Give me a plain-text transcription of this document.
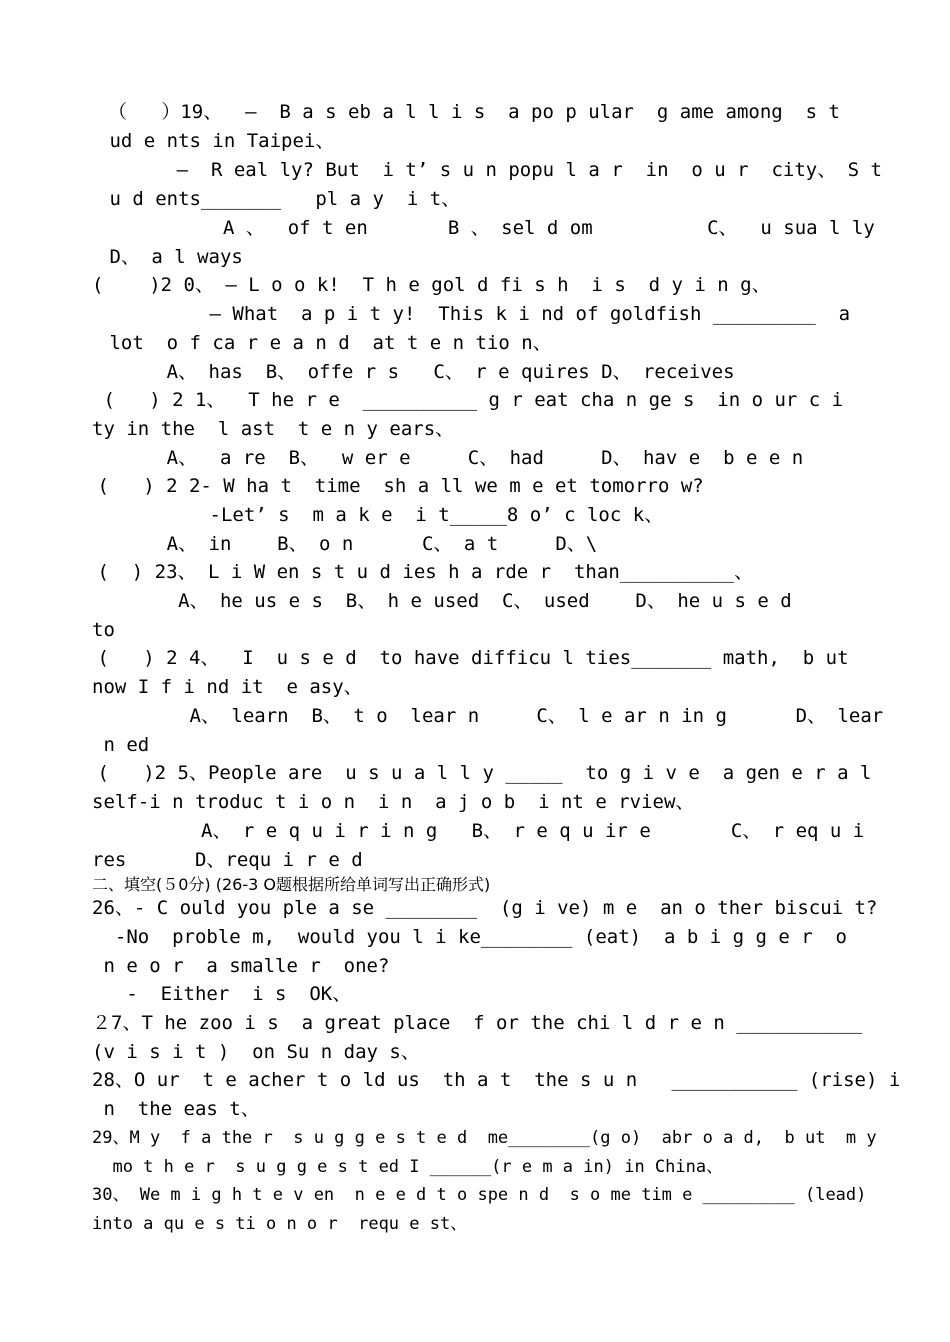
（   ）19、  —  B a s eb a l l i s  a po p ular  g ame among  s t
ud e nts in Taipei、
—  R eal ly? But  i t’ s u n popu l a r  in  o u r  city、 S t
u d ents_______   pl a y  i t、
A 、  of t en       B 、 sel d om          C、  u sua l ly
D、 a l ways
(    )2 0、 — L o o k!  T h e gol d fi s h  i s  d y i n g、
— What  a p i t y!  This k i nd of goldfish _________  a
lot  o f ca r e a n d  at t e n tio n、
A、 has  B、 offe r s   C、 r e quires D、 receives
(   ) 2 1、  T he r e  __________ g r eat cha n ge s  in o ur c i
ty in the  l ast  t e n y ears、
A、  a re  B、  w er e     C、 had     D、 hav e  b e e n
(   ) 2 2- W ha t  time  sh a ll we m e et tomorro w?
-Let’ s  m a k e  i t_____8 o’ c loc k、
A、 in    B、 o n      C、 a t     D、\
(  ) 23、 L i W en s t u d ies h a rde r  than__________、
A、 he us e s  B、 h e used  C、 used    D、 he u s e d
to
(   ) 2 4、  I  u s e d  to have difficu l ties_______ math,  b ut
now I f i nd it  e asy、
A、 learn  B、 t o  lear n     C、 l e ar n in g      D、 lear
n ed
(   )2 5、People are  u s u a l l y _____  to g i v e  a gen e r a l
self-i n troduc t i o n  i n  a j o b  i nt e rview、
A、 r e q u i r i n g   B、 r e q u ir e       C、 r eq u i
res      D、requ i r e d
二、填空(５0分) (26-3 O题根据所给单词写出正确形式)
26、- C ould you ple a se ________  (g i ve) m e  an o ther biscui t?
-No  proble m,  would you l i ke________ (eat)  a b i g g e r  o
n e o r  a smalle r  one?
-  Either  i s  OK、
２7、T he zoo i s  a great place  f or the chi l d r e n ___________
(v i s i t )  on Su n day s、
28、O ur  t e acher t o ld us  th a t  the s u n   ___________ (rise) i
n  the eas t、
29、M y  f a the r  s u g g e s t e d  me________(g o)  abr o a d,  b ut  m y
mo t h e r  s u g g e s t ed I ______(r e m a in) in China、
30、 We m i g h t e v en  n e e d t o spe n d  s o me tim e _________ (lead)
into a qu e s ti o n o r  requ e st、
